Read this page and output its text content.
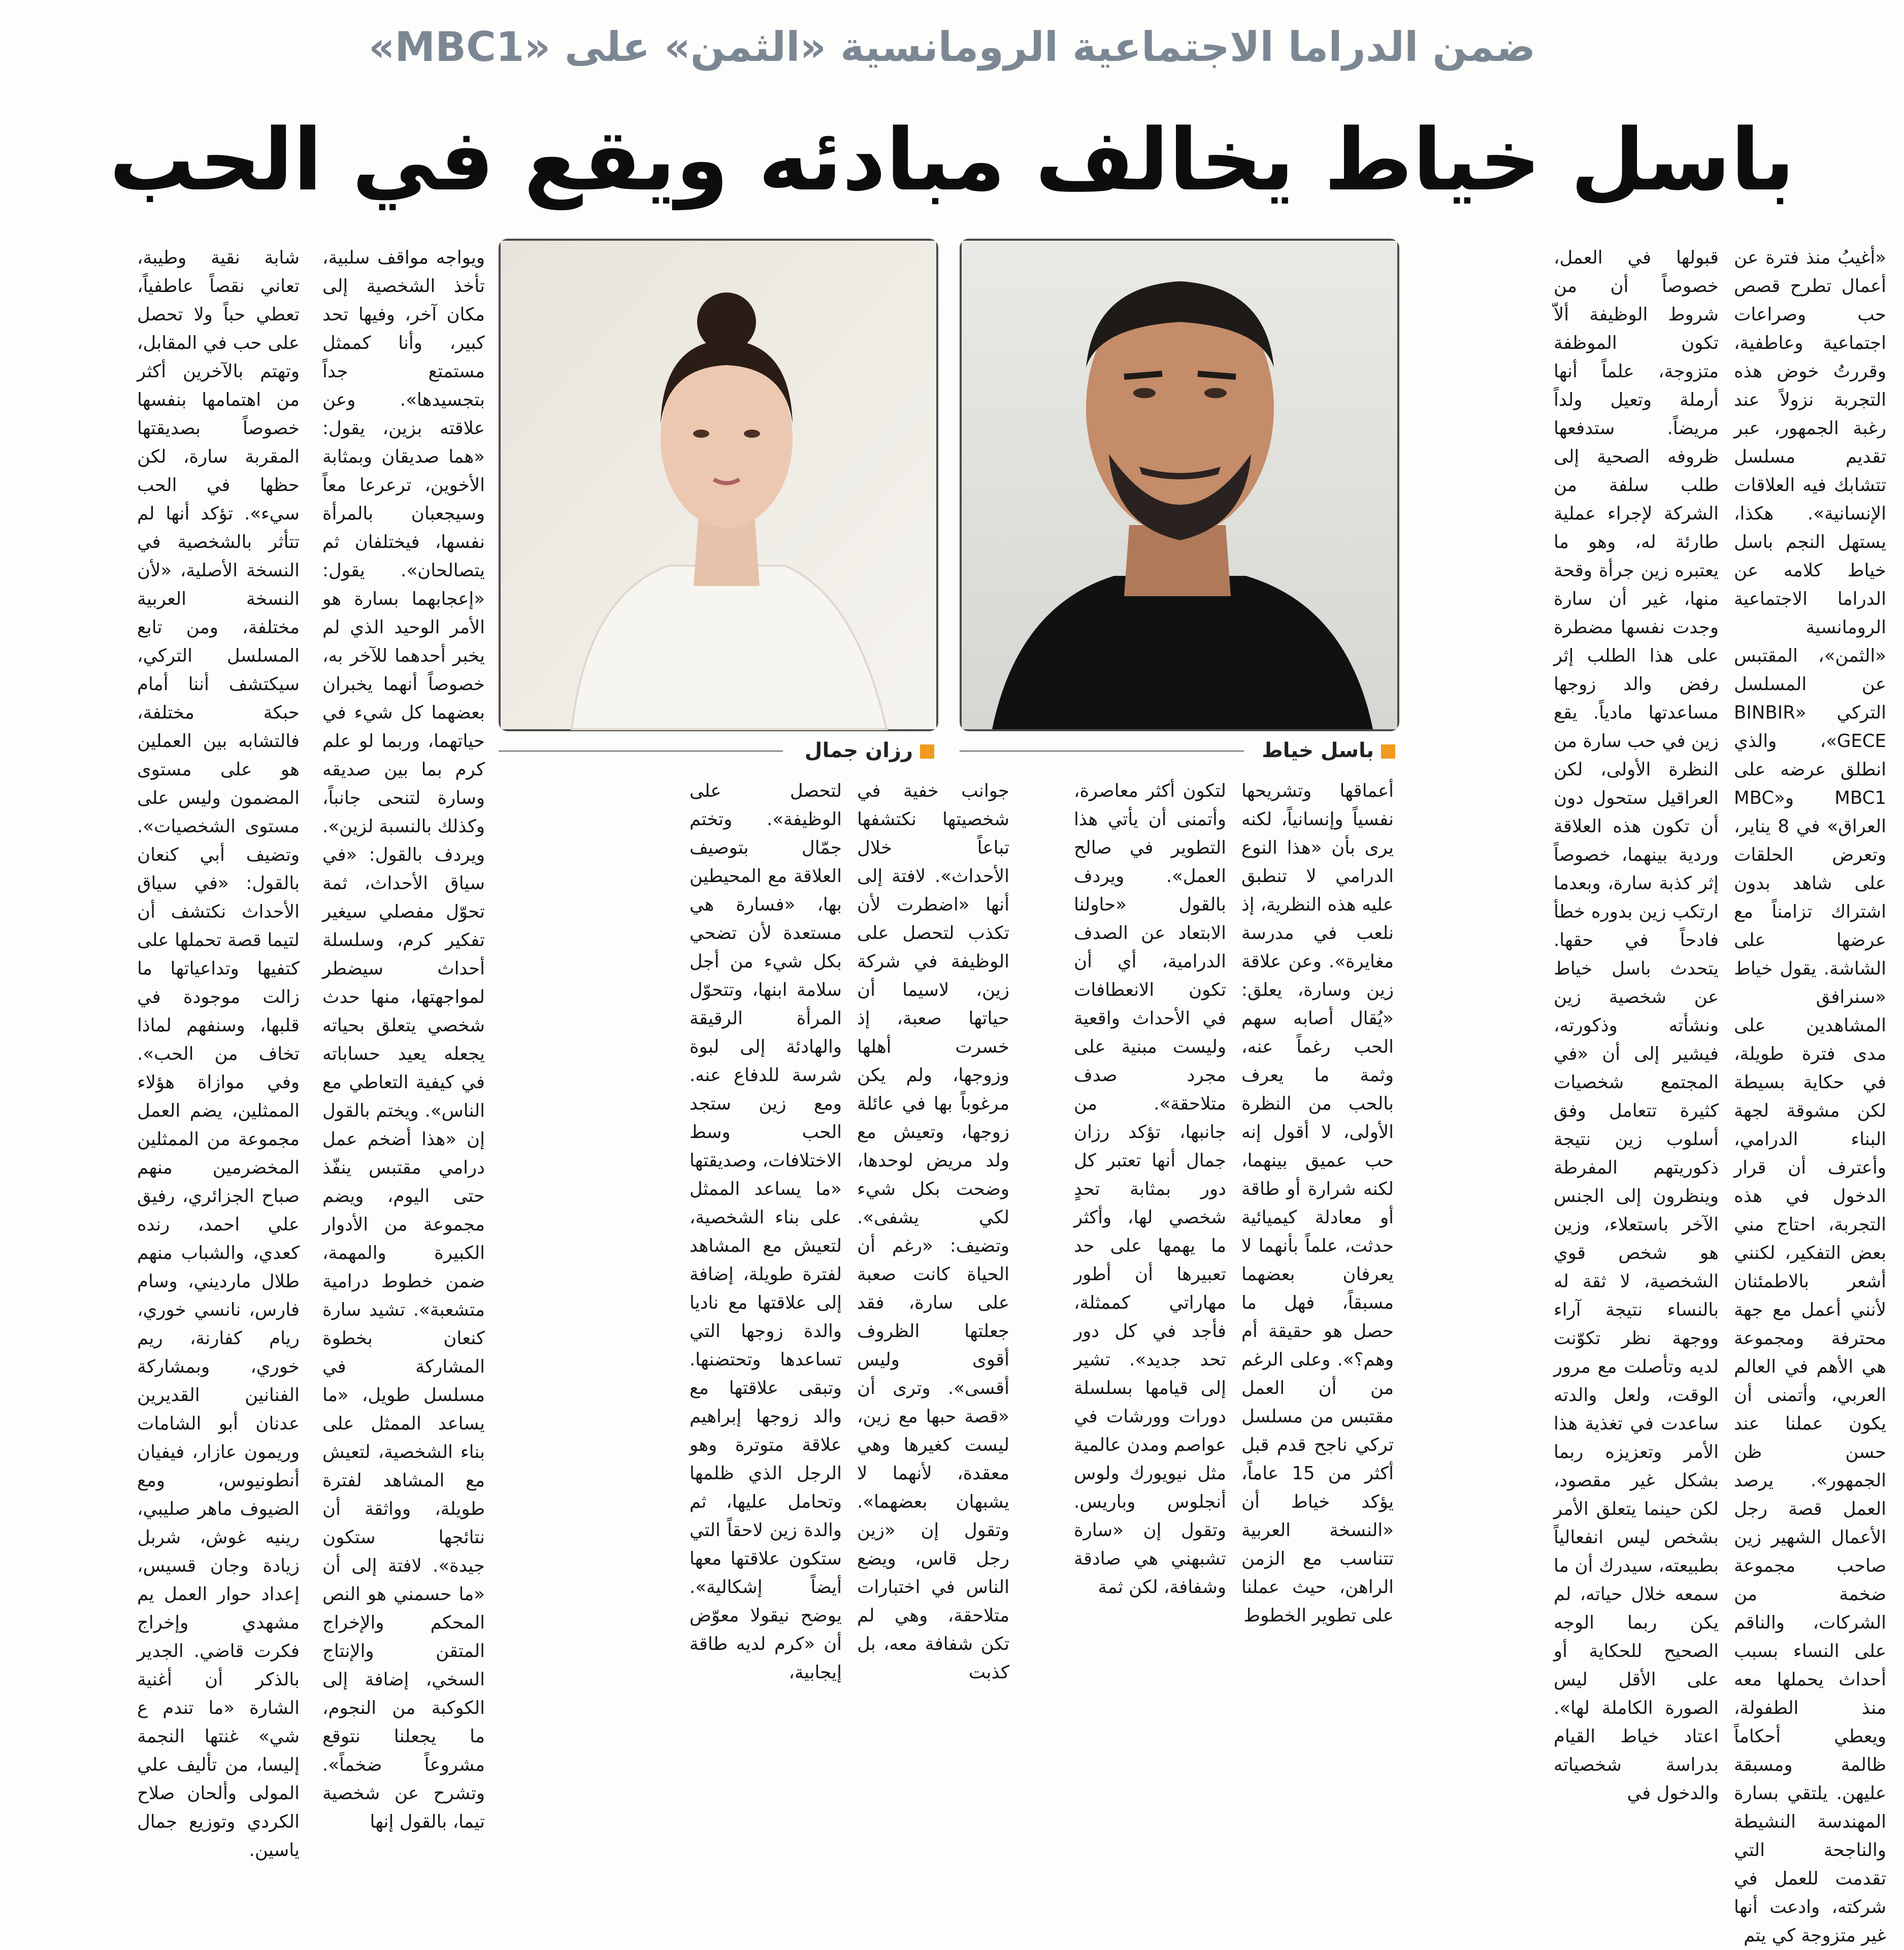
ضمن الدراما الاجتماعية الرومانسية «الثمن» على «MBC1»
باسل خياط يخالف مبادئه ويقع في الحب

«أغيبُ منذ فترة عن أعمال تطرح قصص حب وصراعات اجتماعية وعاطفية، وقررتُ خوض هذه التجربة نزولاً عند رغبة الجمهور، عبر تقديم مسلسل تتشابك فيه العلاقات الإنسانية». هكذا، يستهل النجم باسل خياط كلامه عن الدراما الاجتماعية الرومانسية «الثمن»، المقتبس عن المسلسل التركي «BINBIR GECE»، والذي انطلق عرضه على MBC1 و«MBC العراق» في 8 يناير، وتعرض الحلقات على شاهد بدون اشتراك تزامناً مع عرضها على الشاشة. يقول خياط «سنرافق المشاهدين على مدى فترة طويلة، في حكاية بسيطة لكن مشوقة لجهة البناء الدرامي، وأعترف أن قرار الدخول في هذه التجربة، احتاج مني بعض التفكير، لكنني أشعر بالاطمئنان لأنني أعمل مع جهة محترفة ومجموعة هي الأهم في العالم العربي، وأتمنى أن يكون عملنا عند حسن ظن الجمهور». يرصد العمل قصة رجل الأعمال الشهير زين صاحب مجموعة ضخمة من الشركات، والناقم على النساء بسبب أحداث يحملها معه منذ الطفولة، ويعطي أحكاماً ظالمة ومسبقة عليهن. يلتقي بسارة المهندسة النشيطة والناجحة التي تقدمت للعمل في شركته، وادعت أنها غير متزوجة كي يتم

قبولها في العمل، خصوصاً أن من شروط الوظيفة ألاّ تكون الموظفة متزوجة، علماً أنها أرملة وتعيل ولداً مريضاً. ستدفعها ظروفه الصحية إلى طلب سلفة من الشركة لإجراء عملية طارئة له، وهو ما يعتبره زين جرأة وقحة منها، غير أن سارة وجدت نفسها مضطرة على هذا الطلب إثر رفض والد زوجها مساعدتها مادياً. يقع زين في حب سارة من النظرة الأولى، لكن العراقيل ستحول دون أن تكون هذه العلاقة وردية بينهما، خصوصاً إثر كذبة سارة، وبعدما ارتكب زين بدوره خطأ فادحاً في حقها. يتحدث باسل خياط عن شخصية زين ونشأته وذكورته، فيشير إلى أن «في المجتمع شخصيات كثيرة تتعامل وفق أسلوب زين نتيجة ذكوريتهم المفرطة وينظرون إلى الجنس الآخر باستعلاء، وزين هو شخص قوي الشخصية، لا ثقة له بالنساء نتيجة آراء ووجهة نظر تكوّنت لديه وتأصلت مع مرور الوقت، ولعل والدته ساعدت في تغذية هذا الأمر وتعزيزه ربما بشكل غير مقصود، لكن حينما يتعلق الأمر بشخص ليس انفعالياً بطبيعته، سيدرك أن ما سمعه خلال حياته، لم يكن ربما الوجه الصحيح للحكاية أو على الأقل ليس الصورة الكاملة لها». اعتاد خياط القيام بدراسة شخصياته والدخول في

باسل خياط
رزان جمال

أعماقها وتشريحها نفسياً وإنسانياً، لكنه يرى بأن «هذا النوع الدرامي لا تنطبق عليه هذه النظرية، إذ نلعب في مدرسة مغايرة». وعن علاقة زين وسارة، يعلق: «يُقال أصابه سهم الحب رغماً عنه، وثمة ما يعرف بالحب من النظرة الأولى، لا أقول إنه حب عميق بينهما، لكنه شرارة أو طاقة أو معادلة كيميائية حدثت، علماً بأنهما لا يعرفان بعضهما مسبقاً، فهل ما حصل هو حقيقة أم وهم؟». وعلى الرغم من أن العمل مقتبس من مسلسل تركي ناجح قدم قبل أكثر من 15 عاماً، يؤكد خياط أن «النسخة العربية تتناسب مع الزمن الراهن، حيث عملنا على تطوير الخطوط

لتكون أكثر معاصرة، وأتمنى أن يأتي هذا التطوير في صالح العمل». ويردف بالقول «حاولنا الابتعاد عن الصدف الدرامية، أي أن تكون الانعطافات في الأحداث واقعية وليست مبنية على مجرد صدف متلاحقة». من جانبها، تؤكد رزان جمال أنها تعتبر كل دور بمثابة تحدٍ شخصي لها، وأكثر ما يهمها على حد تعبيرها أن أطور مهاراتي كممثلة، فأجد في كل دور تحد جديد». تشير إلى قيامها بسلسلة دورات وورشات في عواصم ومدن عالمية مثل نيويورك ولوس أنجلوس وباريس. وتقول إن «سارة تشبهني هي صادقة وشفافة، لكن ثمة

جوانب خفية في شخصيتها نكتشفها تباعاً خلال الأحداث». لافتة إلى أنها «اضطرت لأن تكذب لتحصل على الوظيفة في شركة زين، لاسيما أن حياتها صعبة، إذ خسرت أهلها وزوجها، ولم يكن مرغوباً بها في عائلة زوجها، وتعيش مع ولد مريض لوحدها، وضحت بكل شيء لكي يشفى». وتضيف: «رغم أن الحياة كانت صعبة على سارة، فقد جعلتها الظروف أقوى وليس أقسى». وترى أن «قصة حبها مع زين، ليست كغيرها وهي معقدة، لأنهما لا يشبهان بعضهما». وتقول إن «زين رجل قاس، ويضع الناس في اختبارات متلاحقة، وهي لم تكن شفافة معه، بل كذبت

لتحصل على الوظيفة». وتختم جمّال بتوصيف العلاقة مع المحيطين بها، «فسارة هي مستعدة لأن تضحي بكل شيء من أجل سلامة ابنها، وتتحوّل المرأة الرقيقة والهادئة إلى لبوة شرسة للدفاع عنه. ومع زين ستجد الحب وسط الاختلافات، وصديقتها «ما يساعد الممثل على بناء الشخصية، لتعيش مع المشاهد لفترة طويلة، إضافة إلى علاقتها مع ناديا والدة زوجها التي تساعدها وتحتضنها. وتبقى علاقتها مع والد زوجها إبراهيم علاقة متوترة وهو الرجل الذي ظلمها وتحامل عليها، ثم والدة زين لاحقاً التي ستكون علاقتها معها أيضاً إشكالية». يوضح نيقولا معوّض أن «كرم لديه طاقة إيجابية،

ويواجه مواقف سلبية، تأخذ الشخصية إلى مكان آخر، وفيها تحد كبير، وأنا كممثل مستمتع جداً بتجسيدها». وعن علاقته بزين، يقول: «هما صديقان وبمثابة الأخوين، ترعرعا معاً وسيجعبان بالمرأة نفسها، فيختلفان ثم يتصالحان». يقول: «إعجابهما بسارة هو الأمر الوحيد الذي لم يخبر أحدهما للآخر به، خصوصاً أنهما يخبران بعضهما كل شيء في حياتهما، وربما لو علم كرم بما بين صديقه وسارة لتنحى جانباً، وكذلك بالنسبة لزين». ويردف بالقول: «في سياق الأحداث، ثمة تحوّل مفصلي سيغير تفكير كرم، وسلسلة أحداث سيضطر لمواجهتها، منها حدث شخصي يتعلق بحياته يجعله يعيد حساباته في كيفية التعاطي مع الناس». ويختم بالقول إن «هذا أضخم عمل درامي مقتبس ينفّذ حتى اليوم، ويضم مجموعة من الأدوار الكبيرة والمهمة، ضمن خطوط درامية متشعبة». تشيد سارة كنعان بخطوة المشاركة في مسلسل طويل، «ما يساعد الممثل على بناء الشخصية، لتعيش مع المشاهد لفترة طويلة، وواثقة أن نتائجها ستكون جيدة». لافتة إلى أن «ما حسمني هو النص المحكم والإخراج المتقن والإنتاج السخي، إضافة إلى الكوكبة من النجوم، ما يجعلنا نتوقع مشروعاً ضخماً». وتشرح عن شخصية تيما، بالقول إنها

شابة نقية وطيبة، تعاني نقصاً عاطفياً، تعطي حباً ولا تحصل على حب في المقابل، وتهتم بالآخرين أكثر من اهتمامها بنفسها خصوصاً بصديقتها المقربة سارة، لكن حظها في الحب سيء». تؤكد أنها لم تتأثر بالشخصية في النسخة الأصلية، «لأن النسخة العربية مختلفة، ومن تابع المسلسل التركي، سيكتشف أننا أمام حبكة مختلفة، فالتشابه بين العملين هو على مستوى المضمون وليس على مستوى الشخصيات». وتضيف أبي كنعان بالقول: «في سياق الأحداث نكتشف أن لتيما قصة تحملها على كتفيها وتداعياتها ما زالت موجودة في قلبها، وسنفهم لماذا تخاف من الحب». وفي موازاة هؤلاء الممثلين، يضم العمل مجموعة من الممثلين المخضرمين منهم صباح الجزائري، رفيق علي احمد، رنده كعدي، والشباب منهم طلال مارديني، وسام فارس، نانسي خوري، ريام كفارنة، ريم خوري، وبمشاركة الفنانين القديرين عدنان أبو الشامات وريمون عازار، فيفيان أنطونيوس، ومع الضيوف ماهر صليبي، رينيه غوش، شربل زيادة وجان قسيس، إعداد حوار العمل يم مشهدي وإخراج فكرت قاضي. الجدير بالذكر أن أغنية الشارة «ما تندم ع شي» غنتها النجمة إليسا، من تأليف علي المولى وألحان صلاح الكردي وتوزيع جمال ياسين.
